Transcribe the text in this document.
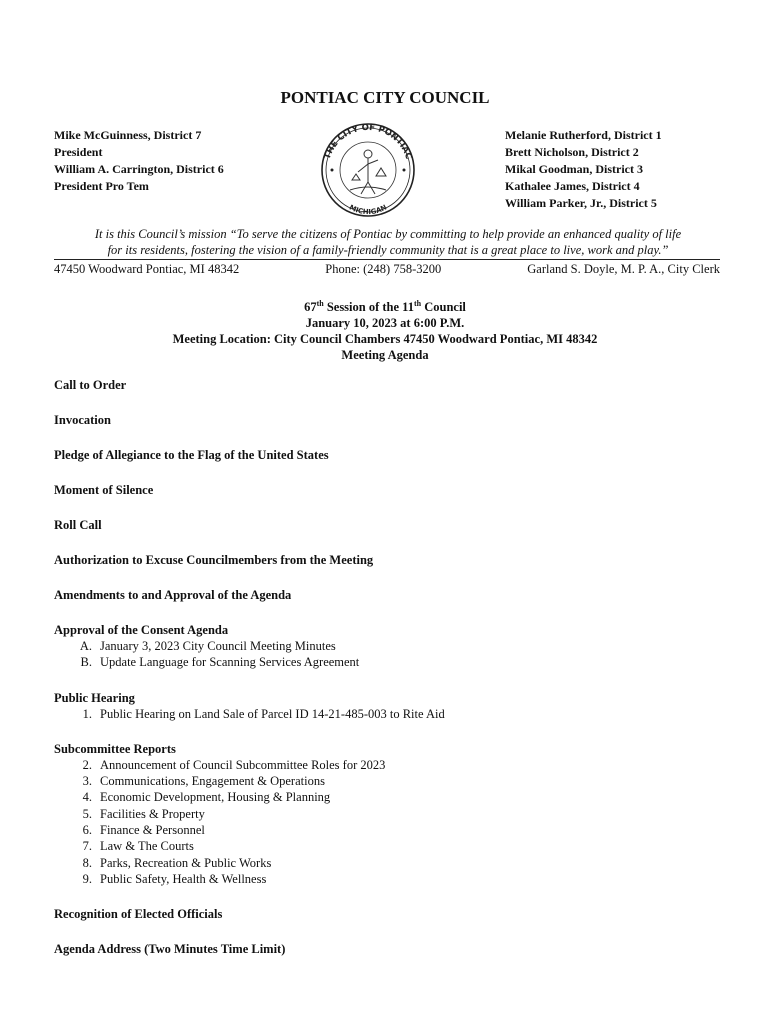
PONTIAC CITY COUNCIL
Mike McGuinness, District 7
President
William A. Carrington, District 6
President Pro Tem
THE CITY OF PONTIAC
MICHIGAN
Melanie Rutherford, District 1
Brett Nicholson, District 2
Mikal Goodman, District 3
Kathalee James, District 4
William Parker, Jr., District 5
It is this Council’s mission “To serve the citizens of Pontiac by committing to help provide an enhanced quality of life
for its residents, fostering the vision of a family-friendly community that is a great place to live, work and play.”
47450 Woodward Pontiac, MI 48342	Phone: (248) 758-3200	Garland S. Doyle, M. P. A., City Clerk
67th Session of the 11th Council
January 10, 2023 at 6:00 P.M.
Meeting Location: City Council Chambers 47450 Woodward Pontiac, MI 48342
Meeting Agenda

Call to Order

Invocation

Pledge of Allegiance to the Flag of the United States

Moment of Silence

Roll Call

Authorization to Excuse Councilmembers from the Meeting

Amendments to and Approval of the Agenda

Approval of the Consent Agenda

A. January 3, 2023 City Council Meeting Minutes
B. Update Language for Scanning Services Agreement

Public Hearing

1. Public Hearing on Land Sale of Parcel ID 14-21-485-003 to Rite Aid

Subcommittee Reports

2. Announcement of Council Subcommittee Roles for 2023
3. Communications, Engagement & Operations
4. Economic Development, Housing & Planning
5. Facilities & Property
6. Finance & Personnel
7. Law & The Courts
8. Parks, Recreation & Public Works
9. Public Safety, Health & Wellness

Recognition of Elected Officials

Agenda Address (Two Minutes Time Limit)
